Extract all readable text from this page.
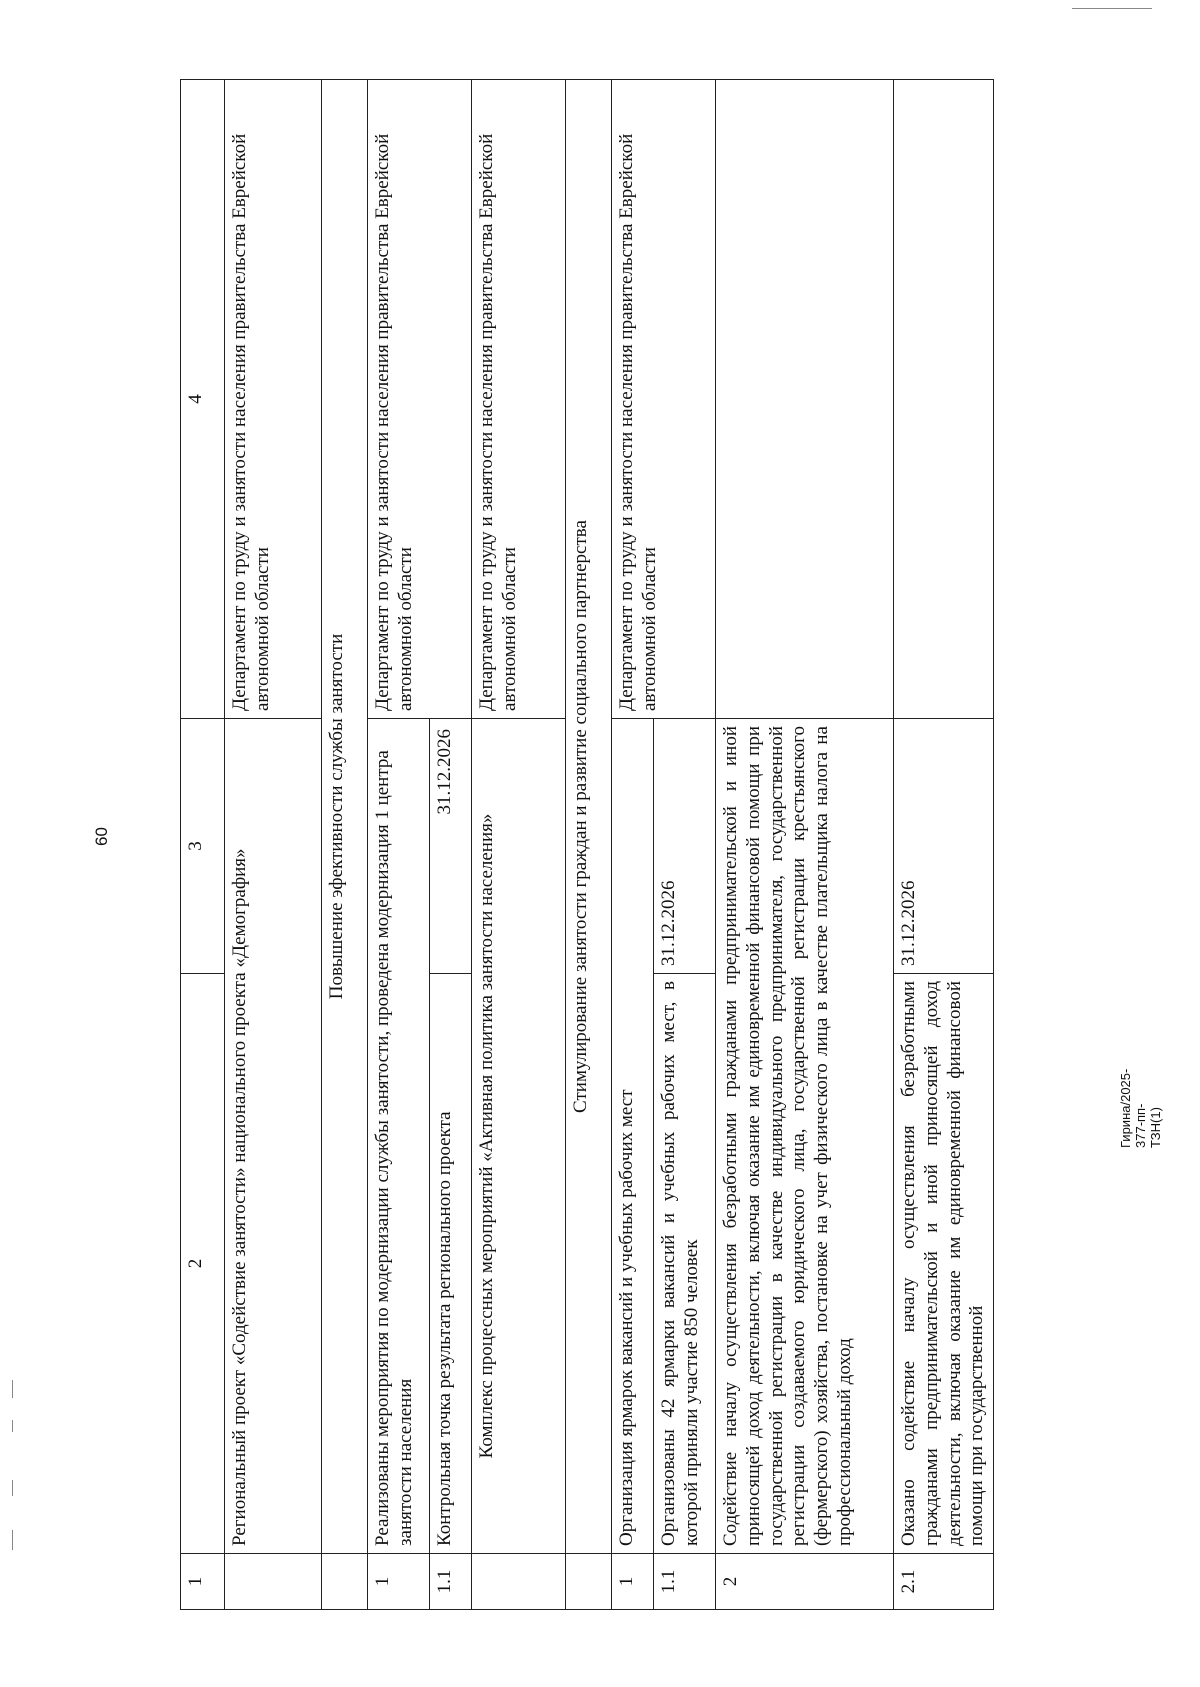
60
Гирина/2025-377-пп-ТЗН(1)
1	2	3	4
	Региональный проект «Содействие занятости» национального проекта «Демография»		Департамент по труду и занятости населения правительства Еврейской автономной области
	Повышение эфективности службы занятости		
1	Реализованы мероприятия по модернизации службы занятости, проведена модернизация 1 центра занятости населения		Департамент по труду и занятости населения правительства Еврейской автономной области
1.1	Контрольная точка результата регионального проекта	31.12.2026	
	Комплекс процессных мероприятий «Активная политика занятости населения»		Департамент по труду и занятости населения правительства Еврейской автономной области
	Стимулирование занятости граждан и развитие социального партнерства		
1	Организация ярмарок вакансий и учебных рабочих мест		Департамент по труду и занятости населения правительства Еврейской автономной области
1.1	Организованы 42 ярмарки вакансий и учебных рабочих мест, в которой приняли участие 850 человек	31.12.2026	
2	Содействие началу осуществления безработными гражданами предпринимательской и иной приносящей доход деятельности, включая оказание им единовременной финансовой помощи при государственной регистрации в качестве индивидуального предпринимателя, государственной регистрации создаваемого юридического лица, государственной регистрации крестьянского (фермерского) хозяйства, постановке на учет физического лица в качестве плательщика налога на профессиональный доход		
2.1	Оказано содействие началу осуществления безработными гражданами предпринимательской и иной приносящей доход деятельности, включая оказание им единовременной финансовой помощи при государственной	31.12.2026	
